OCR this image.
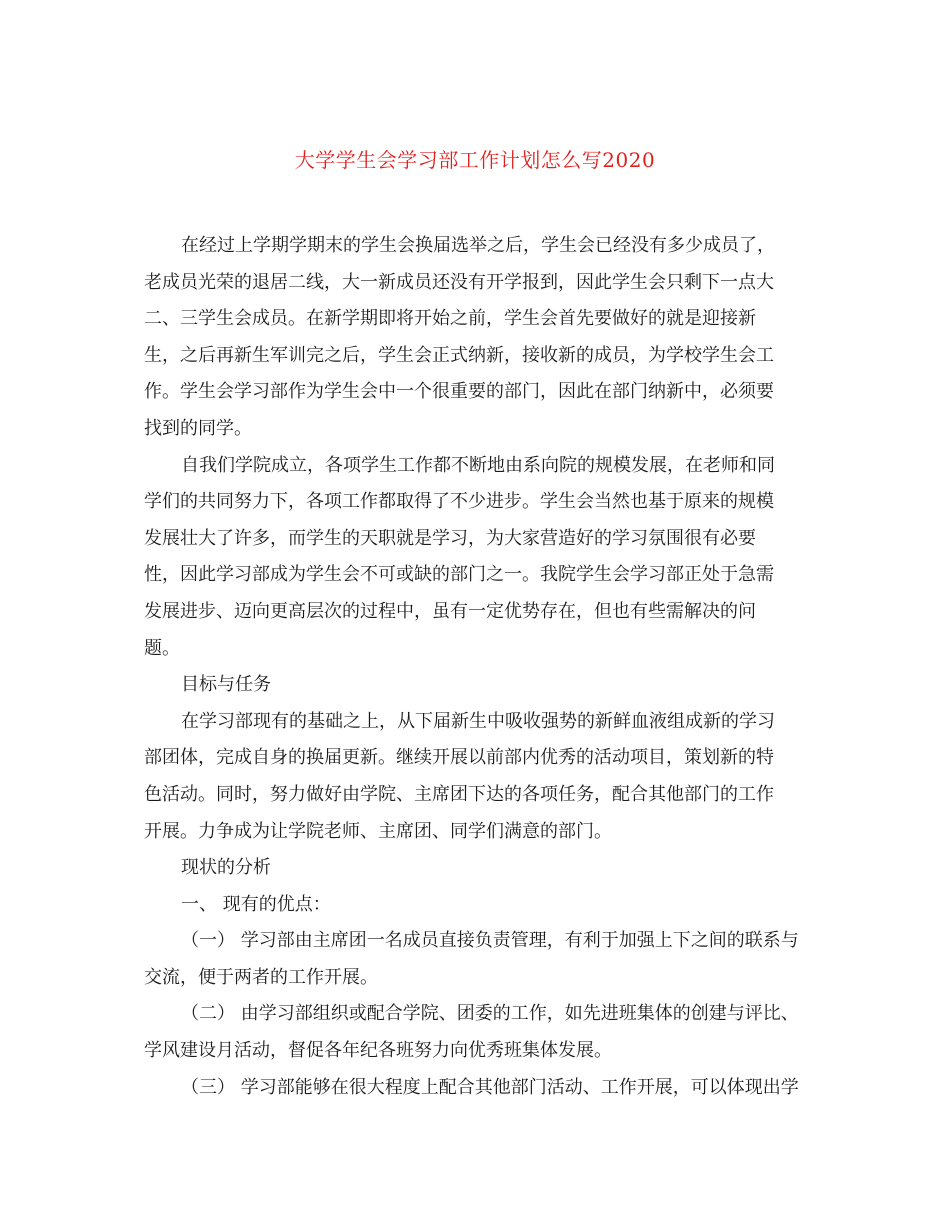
大学学生会学习部工作计划怎么写2020
在经过上学期学期末的学生会换届选举之后，学生会已经没有多少成员了，
老成员光荣的退居二线，大一新成员还没有开学报到，因此学生会只剩下一点大
二、三学生会成员。在新学期即将开始之前，学生会首先要做好的就是迎接新
生，之后再新生军训完之后，学生会正式纳新，接收新的成员，为学校学生会工
作。学生会学习部作为学生会中一个很重要的部门，因此在部门纳新中，必须要
找到的同学。
自我们学院成立，各项学生工作都不断地由系向院的规模发展，在老师和同
学们的共同努力下，各项工作都取得了不少进步。学生会当然也基于原来的规模
发展壮大了许多，而学生的天职就是学习，为大家营造好的学习氛围很有必要
性，因此学习部成为学生会不可或缺的部门之一。我院学生会学习部正处于急需
发展进步、迈向更高层次的过程中，虽有一定优势存在，但也有些需解决的问
题。
目标与任务
在学习部现有的基础之上，从下届新生中吸收强势的新鲜血液组成新的学习
部团体，完成自身的换届更新。继续开展以前部内优秀的活动项目，策划新的特
色活动。同时，努力做好由学院、主席团下达的各项任务，配合其他部门的工作
开展。力争成为让学院老师、主席团、同学们满意的部门。
现状的分析
一、 现有的优点：
（一） 学习部由主席团一名成员直接负责管理，有利于加强上下之间的联系与
交流，便于两者的工作开展。
（二） 由学习部组织或配合学院、团委的工作，如先进班集体的创建与评比、
学风建设月活动，督促各年纪各班努力向优秀班集体发展。
（三） 学习部能够在很大程度上配合其他部门活动、工作开展，可以体现出学
